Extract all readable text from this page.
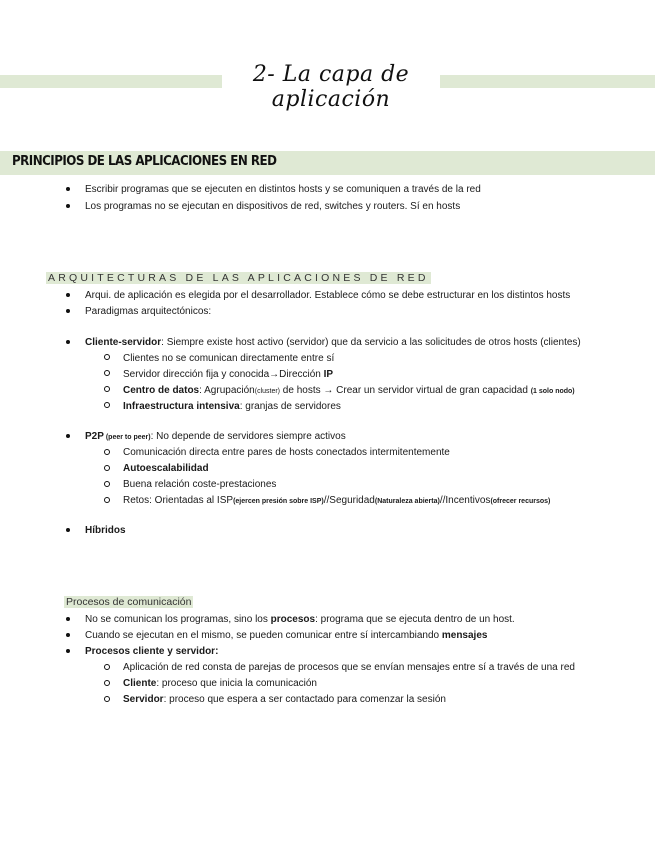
2- La capa de aplicación
PRINCIPIOS DE LAS APLICACIONES EN RED
Escribir programas que se ejecuten en distintos hosts y se comuniquen a través de la red
Los programas no se ejecutan en dispositivos de red, switches y routers. Sí en hosts
ARQUITECTURAS DE LAS APLICACIONES DE RED
Arqui. de aplicación es elegida por el desarrollador. Establece cómo se debe estructurar en los distintos hosts
Paradigmas arquitectónicos:
Cliente-servidor: Siempre existe host activo (servidor) que da servicio a las solicitudes de otros hosts (clientes)
Clientes no se comunican directamente entre sí
Servidor dirección fija y conocida→Dirección IP
Centro de datos: Agrupación(cluster) de hosts → Crear un servidor virtual de gran capacidad (1 solo nodo)
Infraestructura intensiva: granjas de servidores
P2P (peer to peer): No depende de servidores siempre activos
Comunicación directa entre pares de hosts conectados intermitentemente
Autoescalabilidad
Buena relación coste-prestaciones
Retos: Orientadas al ISP(ejercen presión sobre ISP)//Seguridad(Naturaleza abierta)//Incentivos(ofrecer recursos)
Híbridos
Procesos de comunicación
No se comunican los programas, sino los procesos: programa que se ejecuta dentro de un host.
Cuando se ejecutan en el mismo, se pueden comunicar entre sí intercambiando mensajes
Procesos cliente y servidor:
Aplicación de red consta de parejas de procesos que se envían mensajes entre sí a través de una red
Cliente: proceso que inicia la comunicación
Servidor: proceso que espera a ser contactado para comenzar la sesión
